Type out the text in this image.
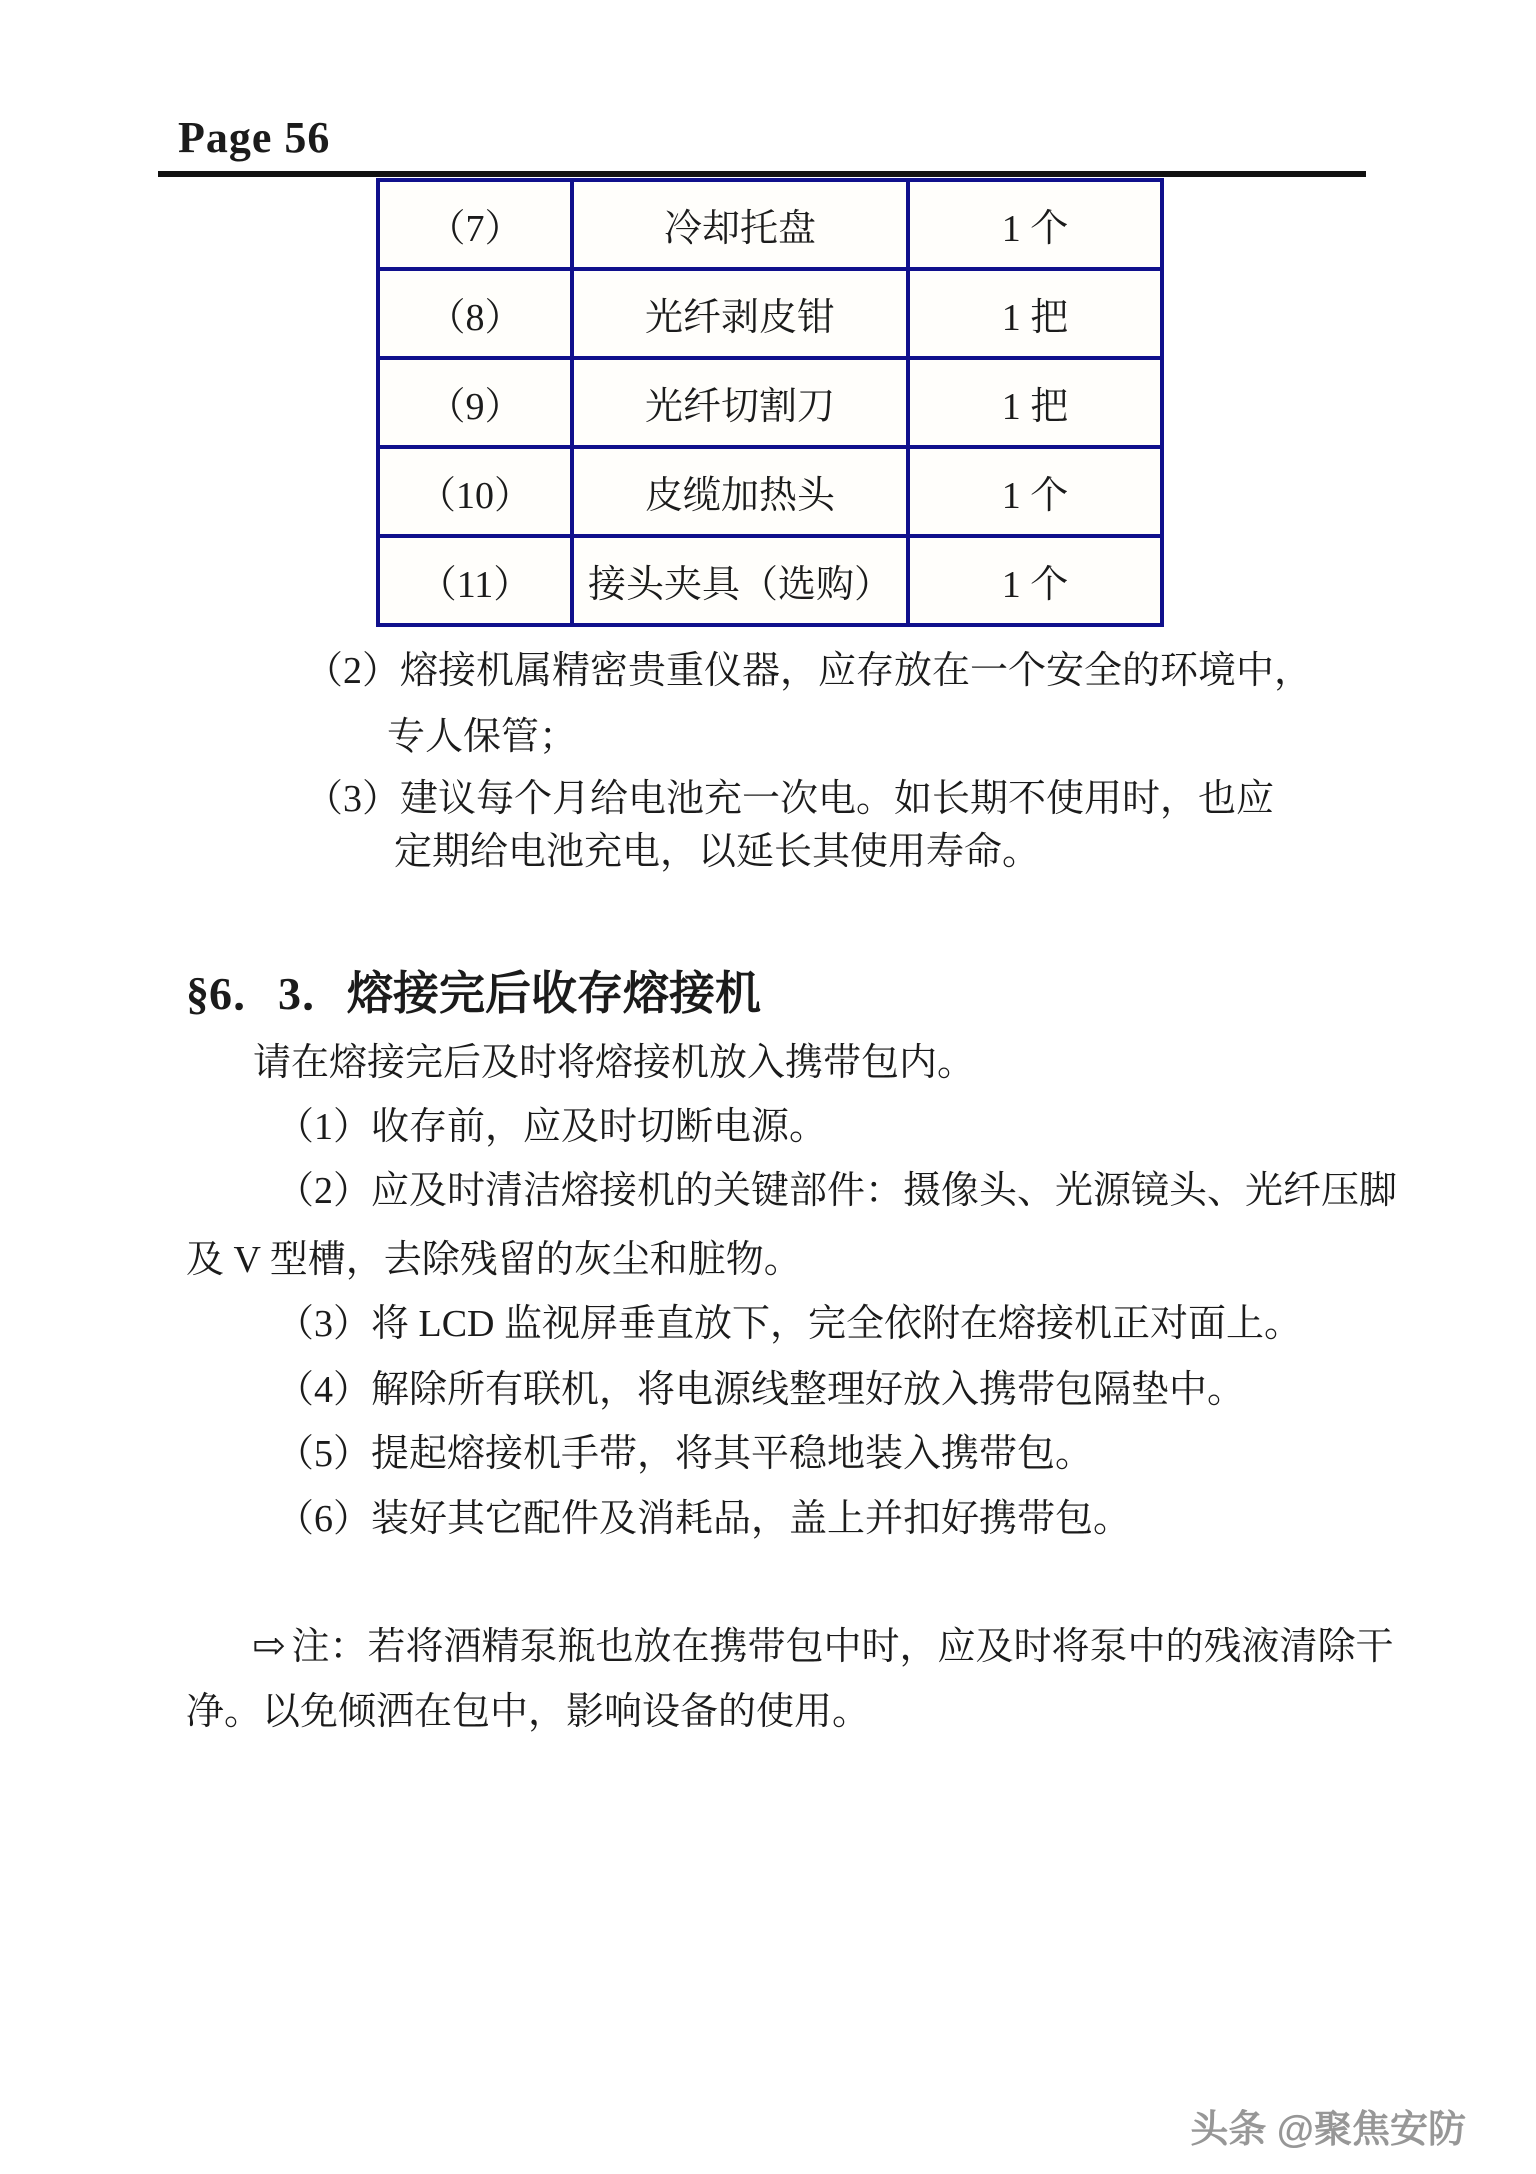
Page 56
（7）	冷却托盘	1 个
（8）	光纤剥皮钳	1 把
（9）	光纤切割刀	1 把
（10）	皮缆加热头	1 个
（11）	接头夹具（选购）	1 个
（2）熔接机属精密贵重仪器，应存放在一个安全的环境中，
专人保管；
（3）建议每个月给电池充一次电。如长期不使用时，也应
定期给电池充电，以延长其使用寿命。
§6．3．熔接完后收存熔接机
请在熔接完后及时将熔接机放入携带包内。
（1）收存前，应及时切断电源。
（2）应及时清洁熔接机的关键部件：摄像头、光源镜头、光纤压脚
及 V 型槽，去除残留的灰尘和脏物。
（3）将 LCD 监视屏垂直放下，完全依附在熔接机正对面上。
（4）解除所有联机，将电源线整理好放入携带包隔垫中。
（5）提起熔接机手带，将其平稳地装入携带包。
（6）装好其它配件及消耗品，盖上并扣好携带包。
⇨ 注：若将酒精泵瓶也放在携带包中时，应及时将泵中的残液清除干
净。以免倾洒在包中，影响设备的使用。
头条 @聚焦安防
